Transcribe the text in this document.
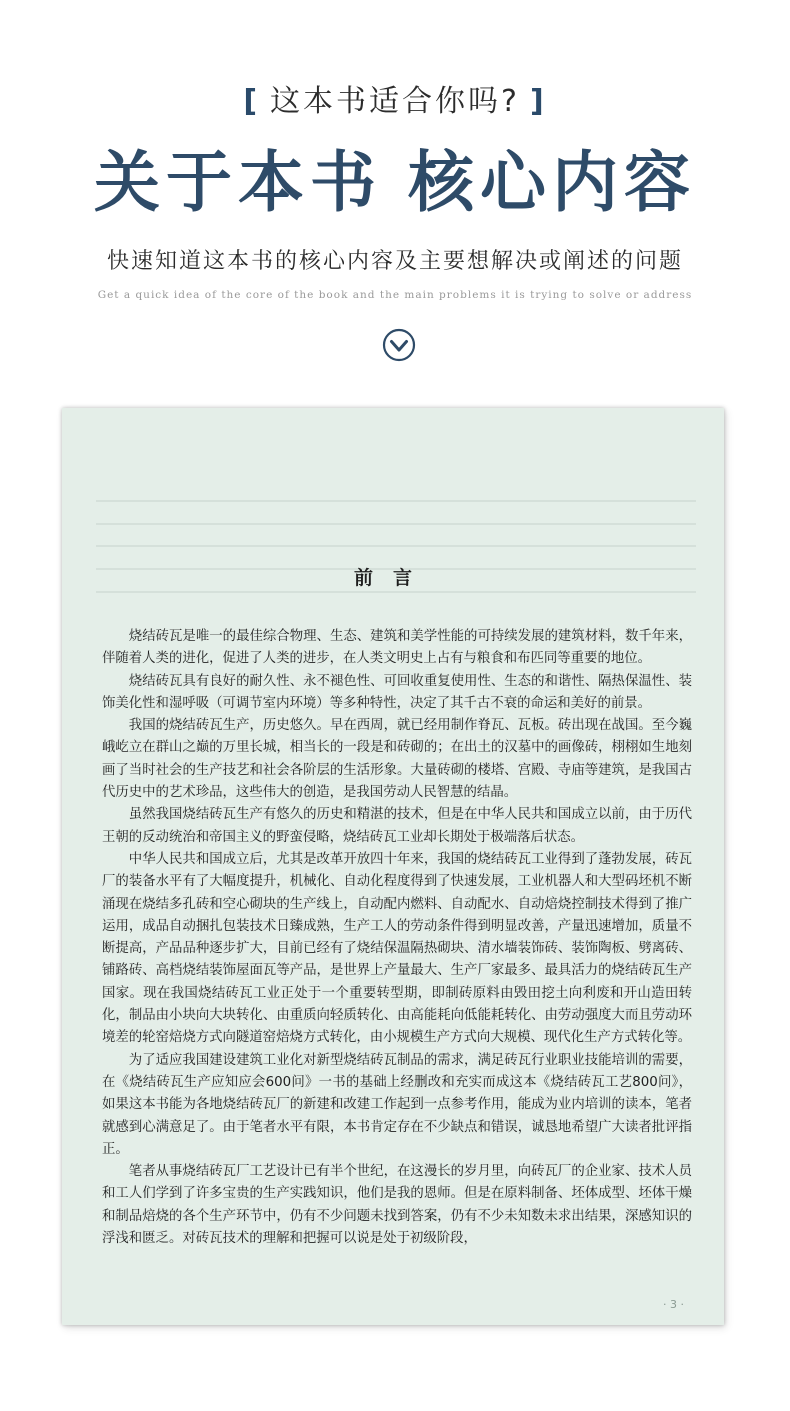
[ 这本书适合你吗? ]
关于本书 核心内容
快速知道这本书的核心内容及主要想解决或阐述的问题
Get a quick idea of the core of the book and the main problems it is trying to solve or address
前言

烧结砖瓦是唯一的最佳综合物理、生态、建筑和美学性能的可持续发展的建筑材料，数千年来，伴随着人类的进化，促进了人类的进步，在人类文明史上占有与粮食和布匹同等重要的地位。

烧结砖瓦具有良好的耐久性、永不褪色性、可回收重复使用性、生态的和谐性、隔热保温性、装饰美化性和湿呼吸（可调节室内环境）等多种特性，决定了其千古不衰的命运和美好的前景。

我国的烧结砖瓦生产，历史悠久。早在西周，就已经用制作脊瓦、瓦板。砖出现在战国。至今巍峨屹立在群山之巅的万里长城，相当长的一段是和砖砌的；在出土的汉墓中的画像砖，栩栩如生地刻画了当时社会的生产技艺和社会各阶层的生活形象。大量砖砌的楼塔、宫殿、寺庙等建筑，是我国古代历史中的艺术珍品，这些伟大的创造，是我国劳动人民智慧的结晶。

虽然我国烧结砖瓦生产有悠久的历史和精湛的技术，但是在中华人民共和国成立以前，由于历代王朝的反动统治和帝国主义的野蛮侵略，烧结砖瓦工业却长期处于极端落后状态。

中华人民共和国成立后，尤其是改革开放四十年来，我国的烧结砖瓦工业得到了蓬勃发展，砖瓦厂的装备水平有了大幅度提升，机械化、自动化程度得到了快速发展，工业机器人和大型码坯机不断涌现在烧结多孔砖和空心砌块的生产线上，自动配内燃料、自动配水、自动焙烧控制技术得到了推广运用，成品自动捆扎包装技术日臻成熟，生产工人的劳动条件得到明显改善，产量迅速增加，质量不断提高，产品品种逐步扩大，目前已经有了烧结保温隔热砌块、清水墙装饰砖、装饰陶板、劈离砖、铺路砖、高档烧结装饰屋面瓦等产品，是世界上产量最大、生产厂家最多、最具活力的烧结砖瓦生产国家。现在我国烧结砖瓦工业正处于一个重要转型期，即制砖原料由毁田挖土向利废和开山造田转化，制品由小块向大块转化、由重质向轻质转化、由高能耗向低能耗转化、由劳动强度大而且劳动环境差的轮窑焙烧方式向隧道窑焙烧方式转化，由小规模生产方式向大规模、现代化生产方式转化等。

为了适应我国建设建筑工业化对新型烧结砖瓦制品的需求，满足砖瓦行业职业技能培训的需要，在《烧结砖瓦生产应知应会600问》一书的基础上经删改和充实而成这本《烧结砖瓦工艺800问》，如果这本书能为各地烧结砖瓦厂的新建和改建工作起到一点参考作用，能成为业内培训的读本，笔者就感到心满意足了。由于笔者水平有限，本书肯定存在不少缺点和错误，诚恳地希望广大读者批评指正。

笔者从事烧结砖瓦厂工艺设计已有半个世纪，在这漫长的岁月里，向砖瓦厂的企业家、技术人员和工人们学到了许多宝贵的生产实践知识，他们是我的恩师。但是在原料制备、坯体成型、坯体干燥和制品焙烧的各个生产环节中，仍有不少问题未找到答案，仍有不少未知数未求出结果，深感知识的浮浅和匮乏。对砖瓦技术的理解和把握可以说是处于初级阶段，

· 3 ·
